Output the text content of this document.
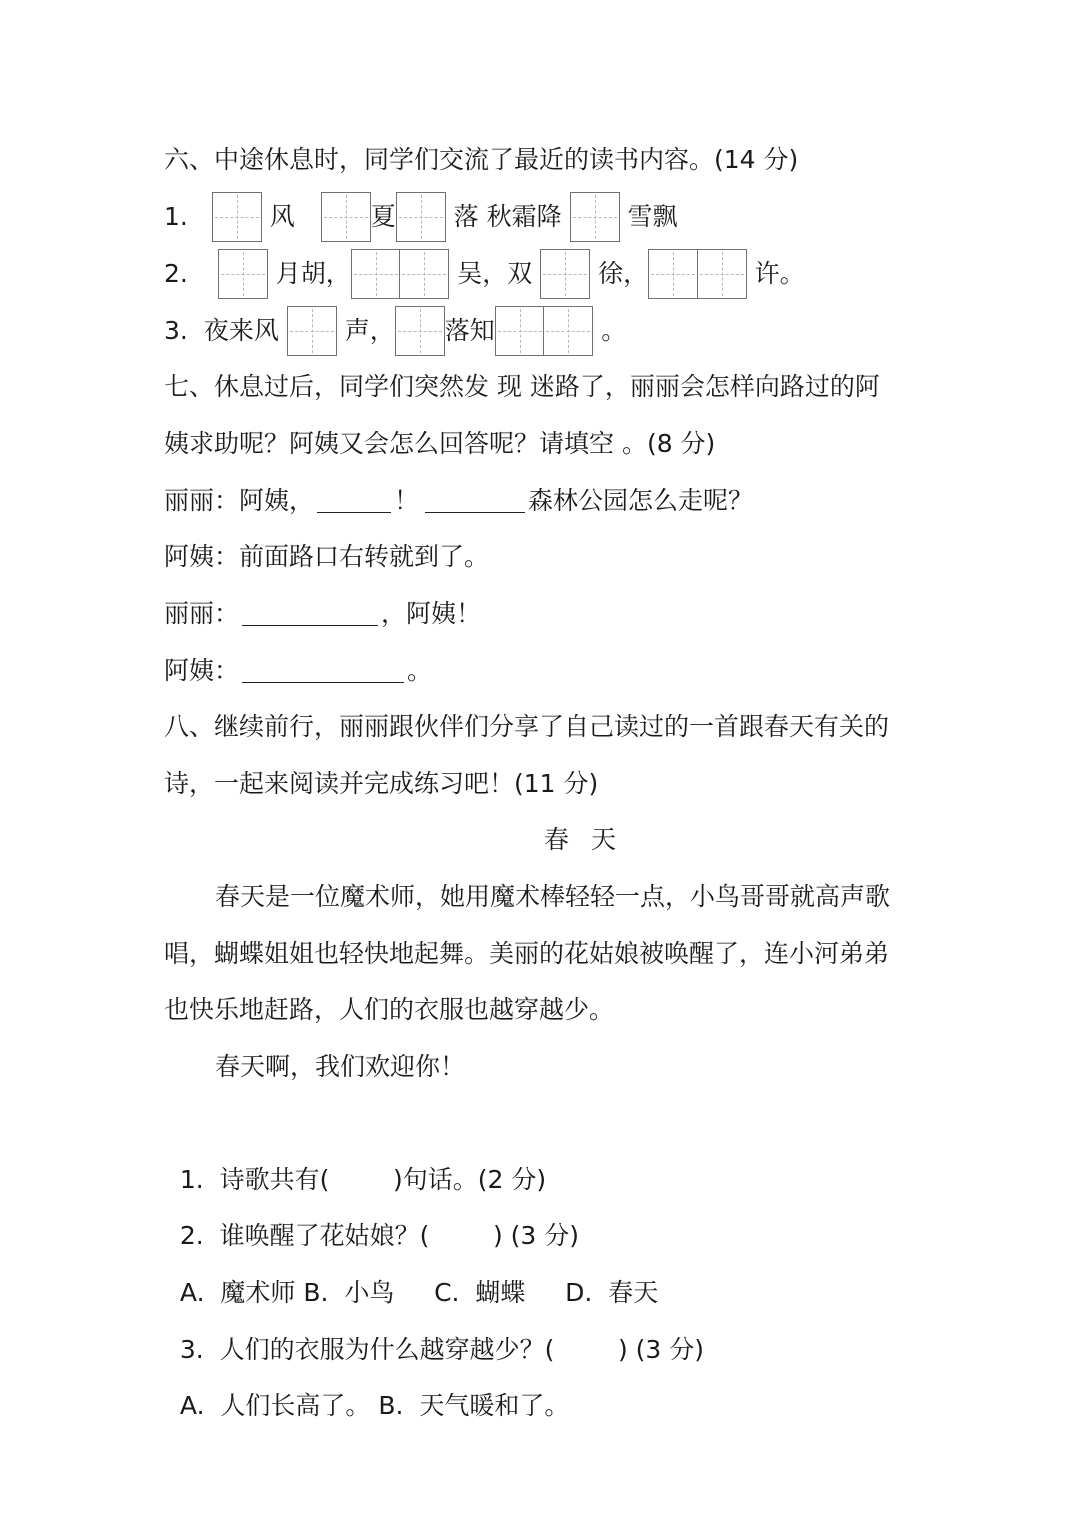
六、中途休息时，同学们交流了最近的读书内容。(14 分)
1.	风	夏 落 秋霜降	雪飘
2.	月胡，	吴，双	徐，	许。
3. 夜来风	声， 落知	。
七、休息过后，同学们突然发 现 迷路了，丽丽会怎样向路过的阿
姨求助呢？阿姨又会怎么回答呢？请填空 。(8 分)
丽丽：阿姨，	！	森林公园怎么走呢？
阿姨：前面路口右转就到了。
丽丽：	，阿姨！
阿姨：	。
八、继续前行，丽丽跟伙伴们分享了自己读过的一首跟春天有关的
诗，一起来阅读并完成练习吧！(11 分)
春天
春天是一位魔术师，她用魔术棒轻轻一点，小鸟哥哥就高声歌
唱，蝴蝶姐姐也轻快地起舞。美丽的花姑娘被唤醒了，连小河弟弟
也快乐地赶路，人们的衣服也越穿越少。
春天啊，我们欢迎你！

1.  诗歌共有(        )句话。(2 分)

2.  谁唤醒了花姑娘？(        ) (3 分)

A.  魔术师 B.  小鸟     C.  蝴蝶     D.  春天

3.  人们的衣服为什么越穿越少？(        ) (3 分)

A.  人们长高了。 B.  天气暖和了。
